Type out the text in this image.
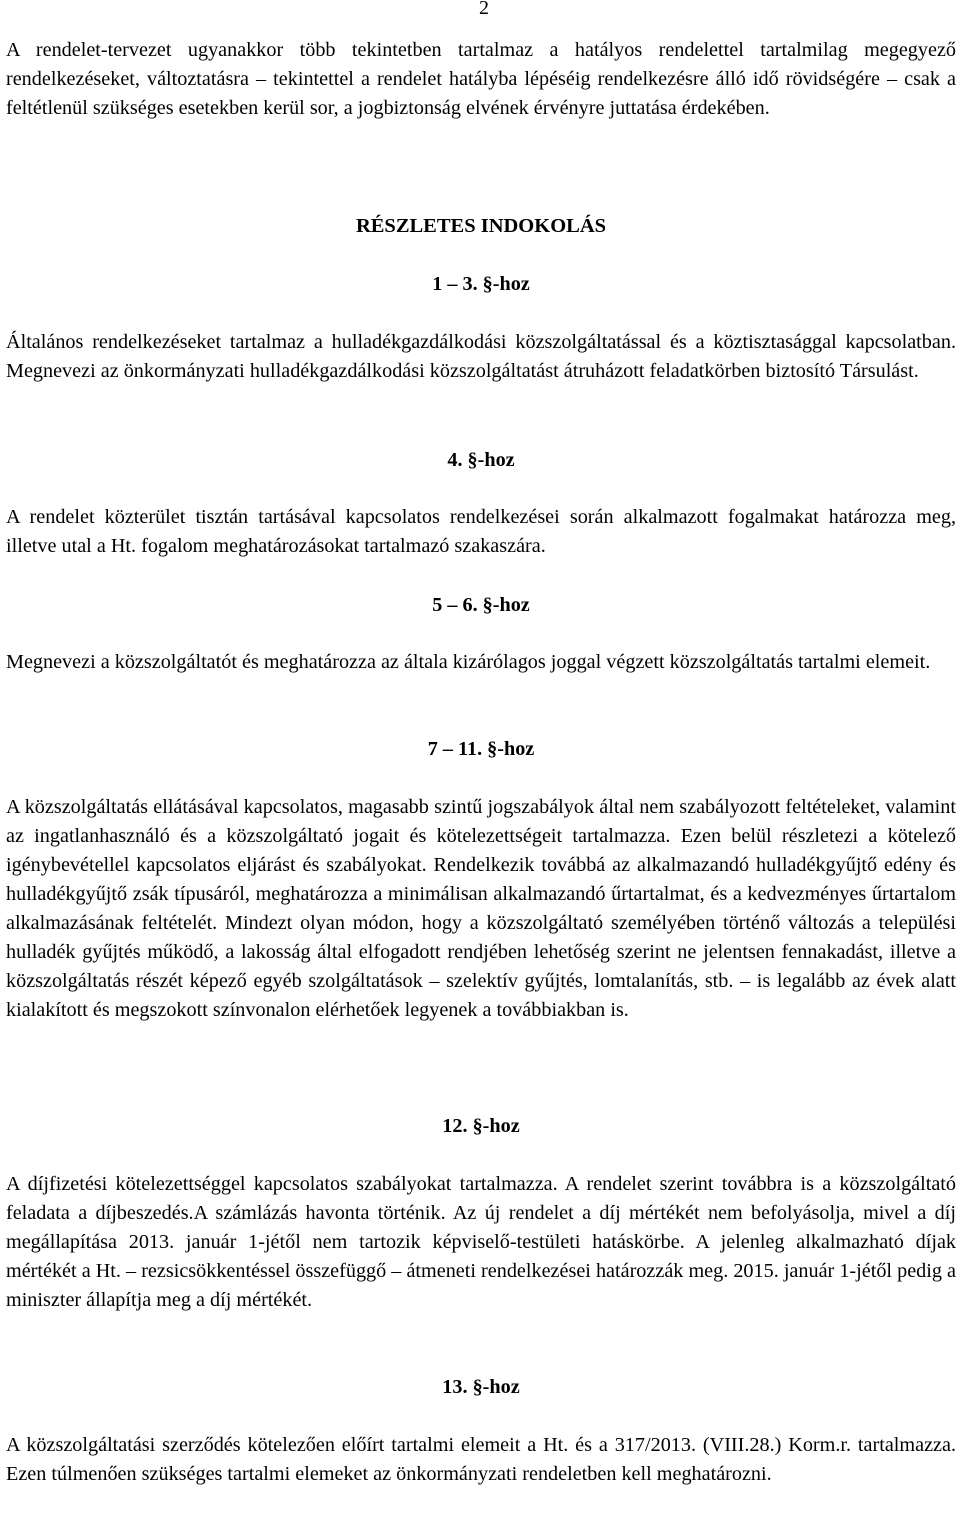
2

A rendelet-tervezet ugyanakkor több tekintetben tartalmaz a hatályos rendelettel tartalmilag megegyező rendelkezéseket, változtatásra – tekintettel a rendelet hatályba lépéséig rendelkezésre álló idő rövidségére – csak a feltétlenül szükséges esetekben kerül sor, a jogbiztonság elvének érvényre juttatása érdekében.

RÉSZLETES INDOKOLÁS
1 – 3. §-hoz

Általános rendelkezéseket tartalmaz a hulladékgazdálkodási közszolgáltatással és a köztisztasággal kapcsolatban. Megnevezi az önkormányzati hulladékgazdálkodási közszolgáltatást átruházott feladatkörben biztosító Társulást.

4. §-hoz

A rendelet közterület tisztán tartásával kapcsolatos rendelkezései során alkalmazott fogalmakat határozza meg, illetve utal a Ht. fogalom meghatározásokat tartalmazó szakaszára.

5 – 6. §-hoz

Megnevezi a közszolgáltatót és meghatározza az általa kizárólagos joggal végzett közszolgáltatás tartalmi elemeit.

7 – 11. §-hoz

A közszolgáltatás ellátásával kapcsolatos, magasabb szintű jogszabályok által nem szabályozott feltételeket, valamint az ingatlanhasználó és a közszolgáltató jogait és kötelezettségeit tartalmazza. Ezen belül részletezi a kötelező igénybevétellel kapcsolatos eljárást és szabályokat. Rendelkezik továbbá az alkalmazandó hulladékgyűjtő edény és hulladékgyűjtő zsák típusáról, meghatározza a minimálisan alkalmazandó űrtartalmat, és a kedvezményes űrtartalom alkalmazásának feltételét. Mindezt olyan módon, hogy a közszolgáltató személyében történő változás a települési hulladék gyűjtés működő, a lakosság által elfogadott rendjében lehetőség szerint ne jelentsen fennakadást, illetve a közszolgáltatás részét képező egyéb szolgáltatások – szelektív gyűjtés, lomtalanítás, stb. – is legalább az évek alatt kialakított és megszokott színvonalon elérhetőek legyenek a továbbiakban is.

12. §-hoz

A díjfizetési kötelezettséggel kapcsolatos szabályokat tartalmazza. A rendelet szerint továbbra is a közszolgáltató feladata a díjbeszedés.A számlázás havonta történik. Az új rendelet a díj mértékét nem befolyásolja, mivel a díj megállapítása 2013. január 1-jétől nem tartozik képviselő-testületi hatáskörbe. A jelenleg alkalmazható díjak mértékét a Ht. – rezsicsökkentéssel összefüggő – átmeneti rendelkezései határozzák meg. 2015. január 1-jétől pedig a miniszter állapítja meg a díj mértékét.

13. §-hoz

A közszolgáltatási szerződés kötelezően előírt tartalmi elemeit a Ht. és a 317/2013. (VIII.28.) Korm.r. tartalmazza. Ezen túlmenően szükséges tartalmi elemeket az önkormányzati rendeletben kell meghatározni.
